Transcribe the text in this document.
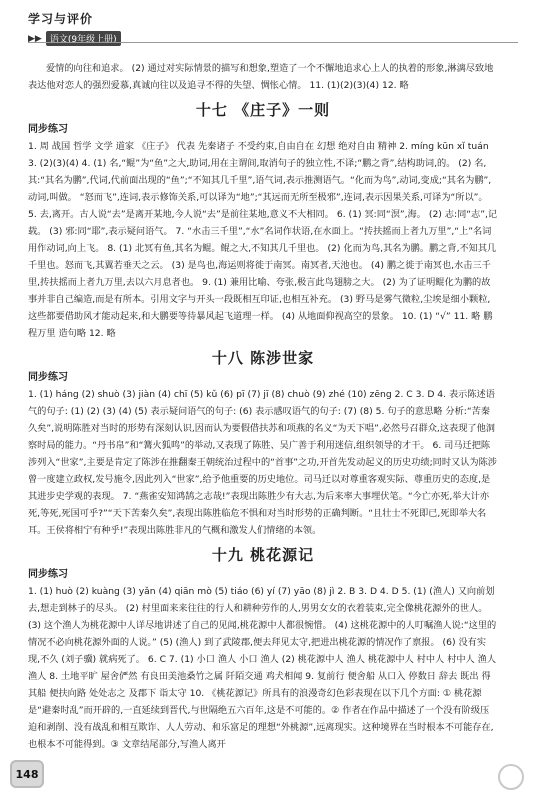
学习与评价
▶▶ 语文(9年级上册)

爱情的向往和追求。 (2) 通过对实际情景的描写和想象,塑造了一个不懈地追求心上人的执着的形象,淋漓尽致地表达他对恋人的强烈爱慕,真诚向往以及追寻不得的失望、惆怅心情。 11. (1)(2)(3)(4) 12. 略

十七 《庄子》一则
同步练习

1. 周 战国 哲学 文学 道家 《庄子》 代表 先秦诸子 不受约束,自由自在 幻想 绝对自由 精神 2. míng kūn xǐ tuán 3. (2)(3)(4) 4. (1) 名,“鲲”为“鱼”之大,助词,用在主谓间,取消句子的独立性,不译;“鹏之背”,结构助词,的。 (2) 名,其:“其名为鹏”,代词,代前面出现的“鱼”;“不知其几千里”,语气词,表示推测语气。“化而为鸟”,动词,变成;“其名为鹏”,动词,叫做。 “怒而飞”,连词,表示修饰关系,可以译为“地”;“其远而无所至极邪”,连词,表示因果关系,可译为“所以”。 5. 去,离开。古人说“去”是离开某地,今人说“去”是前往某地,意义不大相同。 6. (1) 冥:同“溟”,海。 (2) 志:同“志”,记载。 (3) 邪:同“耶”,表示疑问语气。 7. “水击三千里”,“水”名词作状语,在水面上。“抟扶摇而上者九万里”,“上”名词用作动词,向上飞。 8. (1) 北冥有鱼,其名为鲲。鲲之大,不知其几千里也。 (2) 化而为鸟,其名为鹏。鹏之背,不知其几千里也。怒而飞,其翼若垂天之云。 (3) 是鸟也,海运则将徙于南冥。南冥者,天池也。 (4) 鹏之徙于南冥也,水击三千里,抟扶摇而上者九万里,去以六月息者也。 9. (1) 兼用比喻、夸张,极言此鸟翅膀之大。 (2) 为了证明鲲化为鹏的故事并非自己编造,而是有所本。引用文字与开头一段既相互印证,也相互补充。 (3) 野马是雾气微粒,尘埃是细小颗粒,这些都要借助风才能动起来,和大鹏要等待暴风起飞道理一样。 (4) 从地面仰视高空的景象。 10. (1) “√” 11. 略 鹏程万里 造句略 12. 略

十八 陈涉世家
同步练习

1. (1) háng (2) shuò (3) jiàn (4) chī (5) kǔ (6) pī (7) jī (8) chuò (9) zhé (10) zēng 2. C 3. D 4. 表示陈述语气的句子: (1) (2) (3) (4) (5) 表示疑问语气的句子: (6) 表示感叹语气的句子: (7) (8) 5. 句子的意思略 分析:“苦秦久矣”,说明陈胜对当时的形势有深刻认识,因而认为要假借扶苏和项燕的名义“为天下唱”,必然号召群众,这表现了他洞察时局的能力。“丹书帛”和“篝火狐鸣”的举动,又表现了陈胜、吴广善于利用迷信,组织领导的才干。 6. 司马迁把陈涉列入“世家”,主要是肯定了陈涉在推翻秦王朝统治过程中的“首事”之功,开首先发动起义的历史功绩;同时又认为陈涉曾一度建立政权,发号施令,因此列入“世家”,给予他重要的历史地位。司马迁以对尊重客观实际、尊重历史的态度,是其进步史学观的表现。 7. “燕雀安知鸿鹄之志哉!”表现出陈胜少有大志,为后来率大事埋伏笔。“今亡亦死,举大计亦死,等死,死国可乎?”“天下苦秦久矣”,表现出陈胜临危不惧和对当时形势的正确判断。“且壮士不死即已,死即举大名耳。王侯将相宁有种乎!”表现出陈胜非凡的气概和激发人们情绪的本领。

十九 桃花源记
同步练习

1. (1) huò (2) kuàng (3) yǎn (4) qiān mò (5) tiáo (6) yí (7) yāo (8) jì 2. B 3. D 4. D 5. (1) (渔人) 又向前划去,想走到林子的尽头。 (2) 村里面来来往往的行人和耕种劳作的人,男男女女的衣着装束,完全像桃花源外的世人。 (3) 这个渔人为桃花源中人详尽地讲述了自己的见闻,桃花源中人都很惋惜。 (4) 这桃花源中的人叮嘱渔人说:“这里的情况不必向桃花源外面的人说。” (5) (渔人) 到了武陵郡,便去拜见太守,把进出桃花源的情况作了禀报。 (6) 没有实现,不久 (刘子骥) 就病死了。 6. C 7. (1) 小口 渔人 小口 渔人 (2) 桃花源中人 渔人 桃花源中人 村中人 村中人 渔人 渔人 8. 土地平旷 屋舍俨然 有良田美池桑竹之属 阡陌交通 鸡犬相闻 9. 复前行 便舍船 从口入 停数日 辞去 既出 得其船 便扶向路 处处志之 及郡下 诣太守 10. 《桃花源记》所具有的浪漫奇幻色彩表现在以下几个方面: ① 桃花源是“避秦时乱”而开辟的,一直延续到晋代,与世隔绝五六百年,这是不可能的。② 作者在作品中描述了一个没有阶级压迫和剥削、没有战乱和相互欺诈、人人劳动、和乐富足的理想“外桃源”,远离现实。这种境界在当时根本不可能存在,也根本不可能得到。③ 文章结尾部分,写渔人离开

148
